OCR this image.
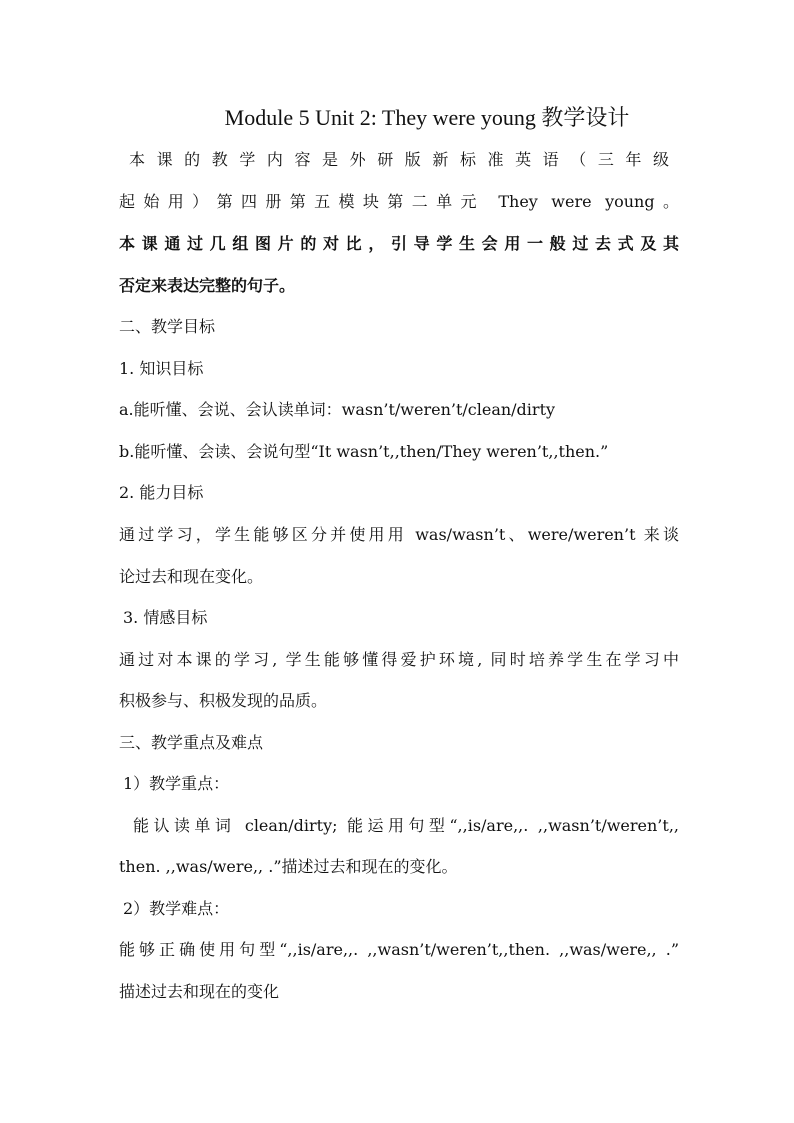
Module 5 Unit 2: They were young 教学设计
本课的教学内容是外研版新标准英语（三年级
起始用）第四册第五模块第二单元 They were young。
本课通过几组图片的对比，引导学生会用一般过去式及其
否定来表达完整的句子。
二、教学目标
1. 知识目标
a.能听懂、会说、会认读单词：wasn’t/weren’t/clean/dirty
b.能听懂、会读、会说句型“It wasn’t,,then/They weren’t,,then.”
2. 能力目标
通过学习，学生能够区分并使用用 was/wasn’t、were/weren’t 来谈
论过去和现在变化。
3. 情感目标
通过对本课的学习, 学生能够懂得爱护环境, 同时培养学生在学习中
积极参与、积极发现的品质。
三、教学重点及难点
1）教学重点：
能认读单词 clean/dirty; 能运用句型“,,is/are,,. ,,wasn’t/weren’t,,
then. ,,was/were,, .”描述过去和现在的变化。
2）教学难点：
能够正确使用句型“,,is/are,,. ,,wasn’t/weren’t,,then. ,,was/were,, .”
描述过去和现在的变化
